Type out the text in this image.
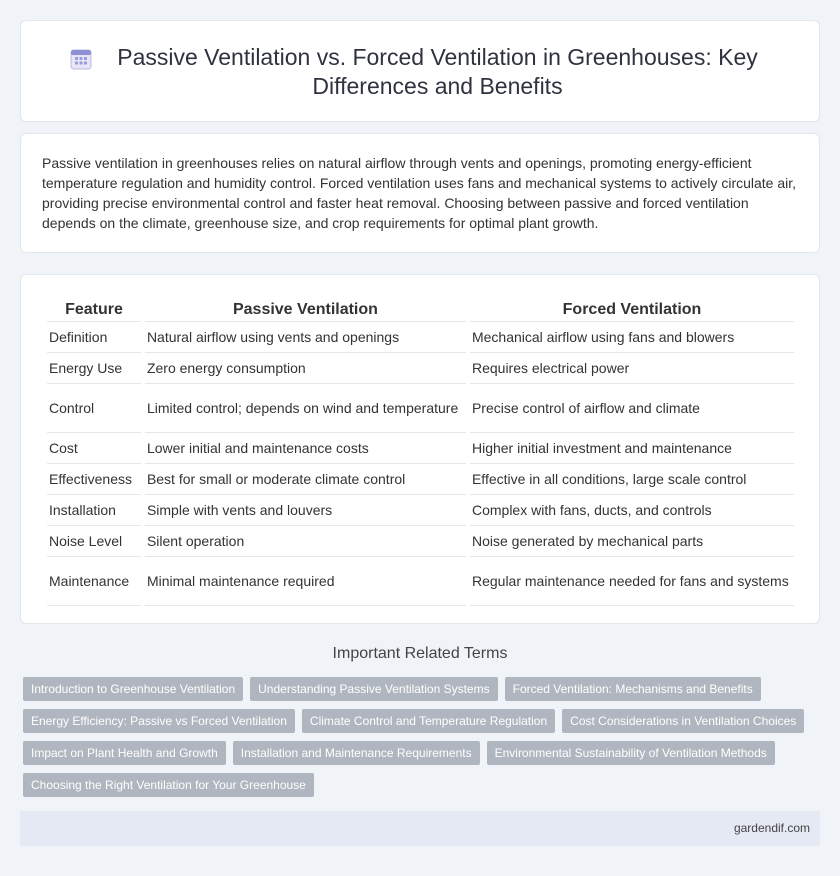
Passive Ventilation vs. Forced Ventilation in Greenhouses: Key Differences and Benefits

Passive ventilation in greenhouses relies on natural airflow through vents and openings, promoting energy-efficient temperature regulation and humidity control. Forced ventilation uses fans and mechanical systems to actively circulate air, providing precise environmental control and faster heat removal. Choosing between passive and forced ventilation depends on the climate, greenhouse size, and crop requirements for optimal plant growth.

Feature	Passive Ventilation	Forced Ventilation
Definition	Natural airflow using vents and openings	Mechanical airflow using fans and blowers
Energy Use	Zero energy consumption	Requires electrical power
Control	Limited control; depends on wind and temperature	Precise control of airflow and climate
Cost	Lower initial and maintenance costs	Higher initial investment and maintenance
Effectiveness	Best for small or moderate climate control	Effective in all conditions, large scale control
Installation	Simple with vents and louvers	Complex with fans, ducts, and controls
Noise Level	Silent operation	Noise generated by mechanical parts
Maintenance	Minimal maintenance required	Regular maintenance needed for fans and systems
Important Related Terms
Introduction to Greenhouse Ventilation	Understanding Passive Ventilation Systems	Forced Ventilation: Mechanisms and Benefits
Energy Efficiency: Passive vs Forced Ventilation	Climate Control and Temperature Regulation	Cost Considerations in Ventilation Choices
Impact on Plant Health and Growth	Installation and Maintenance Requirements	Environmental Sustainability of Ventilation Methods
Choosing the Right Ventilation for Your Greenhouse
gardendif.com
